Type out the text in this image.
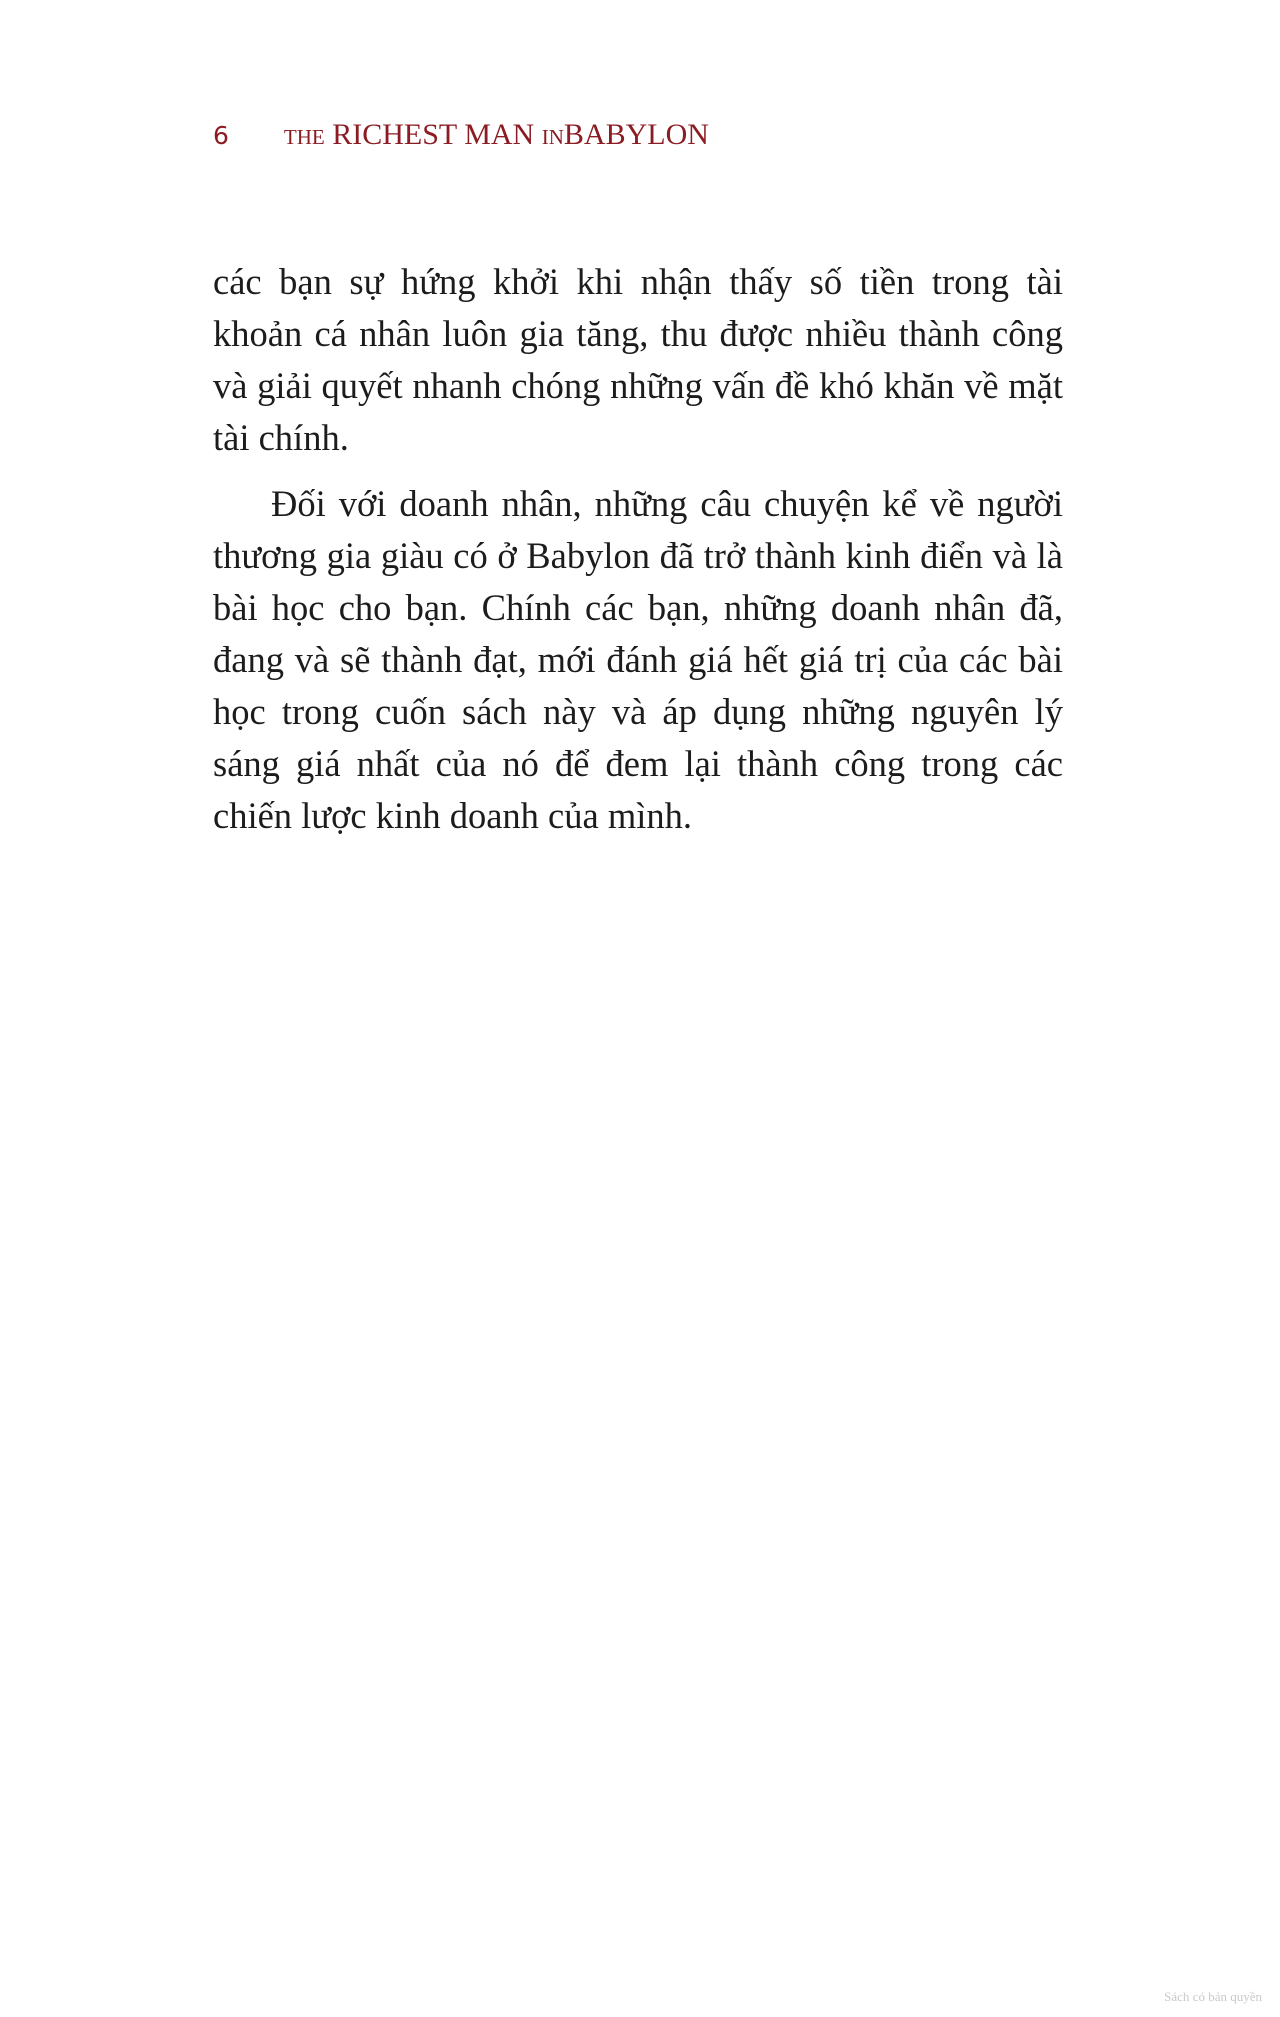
6	THE RICHEST MAN INBABYLON

các bạn sự hứng khởi khi nhận thấy số tiền trong tài khoản cá nhân luôn gia tăng, thu được nhiều thành công và giải quyết nhanh chóng những vấn đề khó khăn về mặt tài chính.

Đối với doanh nhân, những câu chuyện kể về người thương gia giàu có ở Babylon đã trở thành kinh điển và là bài học cho bạn. Chính các bạn, những doanh nhân đã, đang và sẽ thành đạt, mới đánh giá hết giá trị của các bài học trong cuốn sách này và áp dụng những nguyên lý sáng giá nhất của nó để đem lại thành công trong các chiến lược kinh doanh của mình.

Sách có bản quyền
